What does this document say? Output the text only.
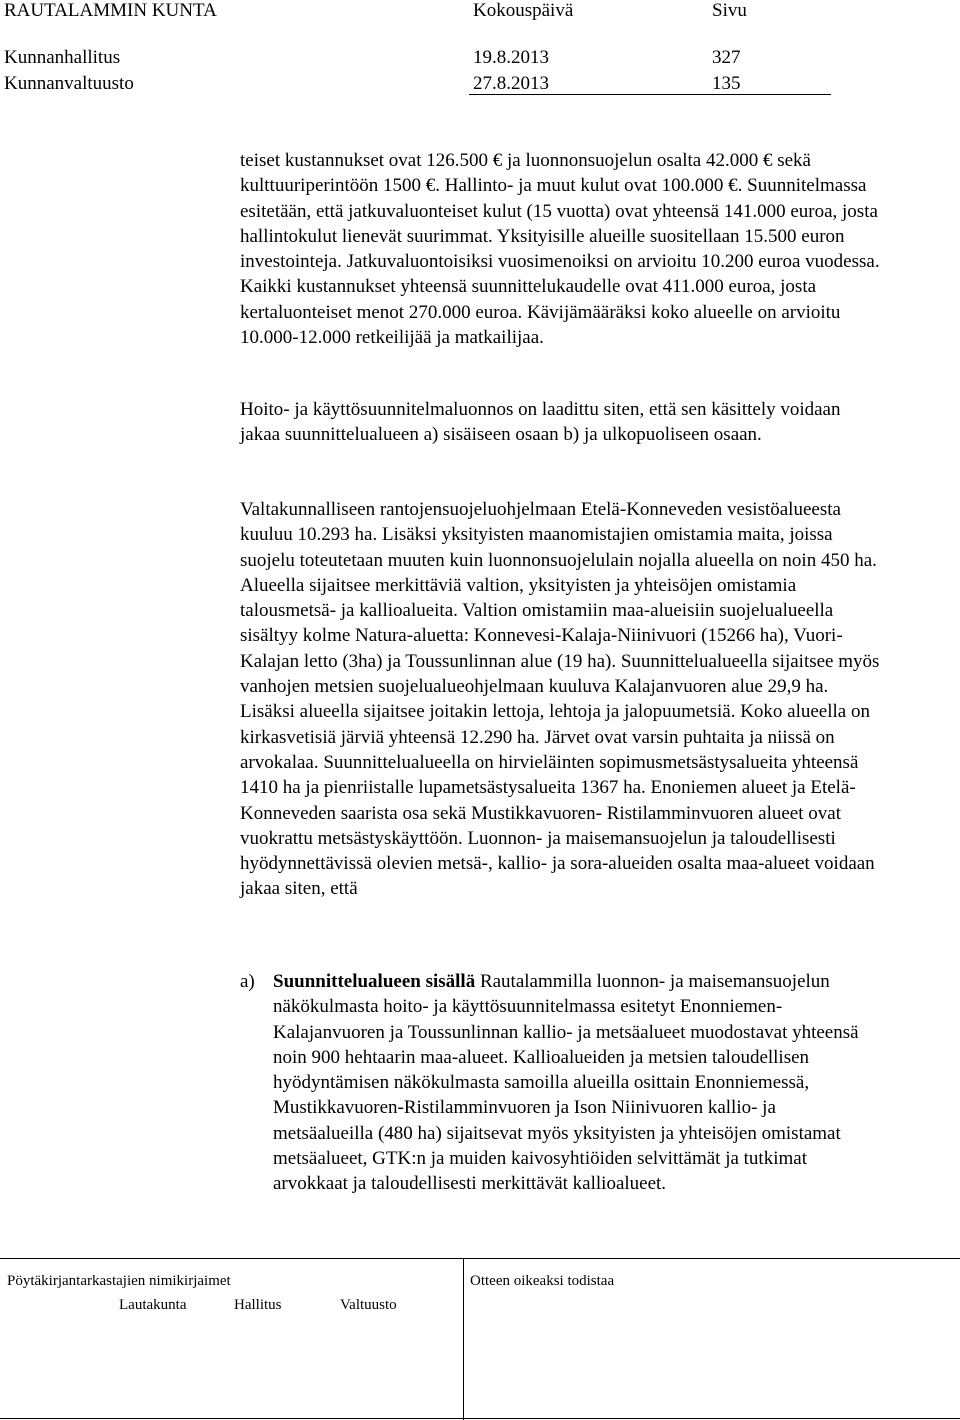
RAUTALAMMIN KUNTA	Kokouspäivä	Sivu
Kunnanhallitus	19.8.2013	327
Kunnanvaltuusto	27.8.2013	135

teiset kustannukset ovat 126.500 € ja luonnonsuojelun osalta 42.000 € sekä kulttuuriperintöön 1500 €. Hallinto- ja muut kulut ovat 100.000 €. Suunnitelmassa esitetään, että jatkuvaluonteiset kulut (15 vuotta) ovat yhteensä 141.000 euroa, josta hallintokulut lienevät suurimmat. Yksityisille alueille suositellaan 15.500 euron investointeja. Jatkuvaluontoisiksi vuosimenoiksi on arvioitu 10.200 euroa vuodessa. Kaikki kustannukset yhteensä suunnittelukaudelle ovat 411.000 euroa, josta kertaluonteiset menot 270.000 euroa. Kävijämääräksi koko alueelle on arvioitu 10.000-12.000 retkeilijää ja matkailijaa.

Hoito- ja käyttösuunnitelmaluonnos on laadittu siten, että sen käsittely voidaan jakaa suunnittelualueen a) sisäiseen osaan b) ja ulkopuoliseen osaan.

Valtakunnalliseen rantojensuojeluohjelmaan Etelä-Konneveden vesistöalueesta kuuluu 10.293 ha. Lisäksi yksityisten maanomistajien omistamia maita, joissa suojelu toteutetaan muuten kuin luonnonsuojelulain nojalla alueella on noin 450 ha. Alueella sijaitsee merkittäviä valtion, yksityisten ja yhteisöjen omistamia talousmetsä- ja kallioalueita. Valtion omistamiin maa-alueisiin suojelualueella sisältyy kolme Natura-aluetta: Konnevesi-Kalaja-Niinivuori (15266 ha), Vuori-Kalajan letto (3ha) ja Toussunlinnan alue (19 ha). Suunnittelualueella sijaitsee myös vanhojen metsien suojelualueohjelmaan kuuluva Kalajanvuoren alue 29,9 ha. Lisäksi alueella sijaitsee joitakin lettoja, lehtoja ja jalopuumetsiä. Koko alueella on kirkasvetisiä järviä yhteensä 12.290 ha. Järvet ovat varsin puhtaita ja niissä on arvokalaa. Suunnittelualueella on hirvieläinten sopimusmetsästysalueita yhteensä 1410 ha ja pienriistalle lupametsästysalueita 1367 ha. Enoniemen alueet ja Etelä-Konneveden saarista osa sekä Mustikkavuoren- Ristilamminvuoren alueet ovat vuokrattu metsästyskäyttöön. Luonnon- ja maisemansuojelun ja taloudellisesti hyödynnettävissä olevien metsä-, kallio- ja sora-alueiden osalta maa-alueet voidaan jakaa siten, että

a) Suunnittelualueen sisällä Rautalammilla luonnon- ja maisemansuojelun näkökulmasta hoito- ja käyttösuunnitelmassa esitetyt Enonniemen-Kalajanvuoren ja Toussunlinnan kallio- ja metsäalueet muodostavat yhteensä noin 900 hehtaarin maa-alueet. Kallioalueiden ja metsien taloudellisen hyödyntämisen näkökulmasta samoilla alueilla osittain Enonniemessä, Mustikkavuoren-Ristilamminvuoren ja Ison Niinivuoren kallio- ja metsäalueilla (480 ha) sijaitsevat myös yksityisten ja yhteisöjen omistamat metsäalueet, GTK:n ja muiden kaivosyhtiöiden selvittämät ja tutkimat arvokkaat ja taloudellisesti merkittävät kallioalueet.
Pöytäkirjantarkastajien nimikirjaimet	Otteen oikeaksi todistaa
Lautakunta	Hallitus	Valtuusto
